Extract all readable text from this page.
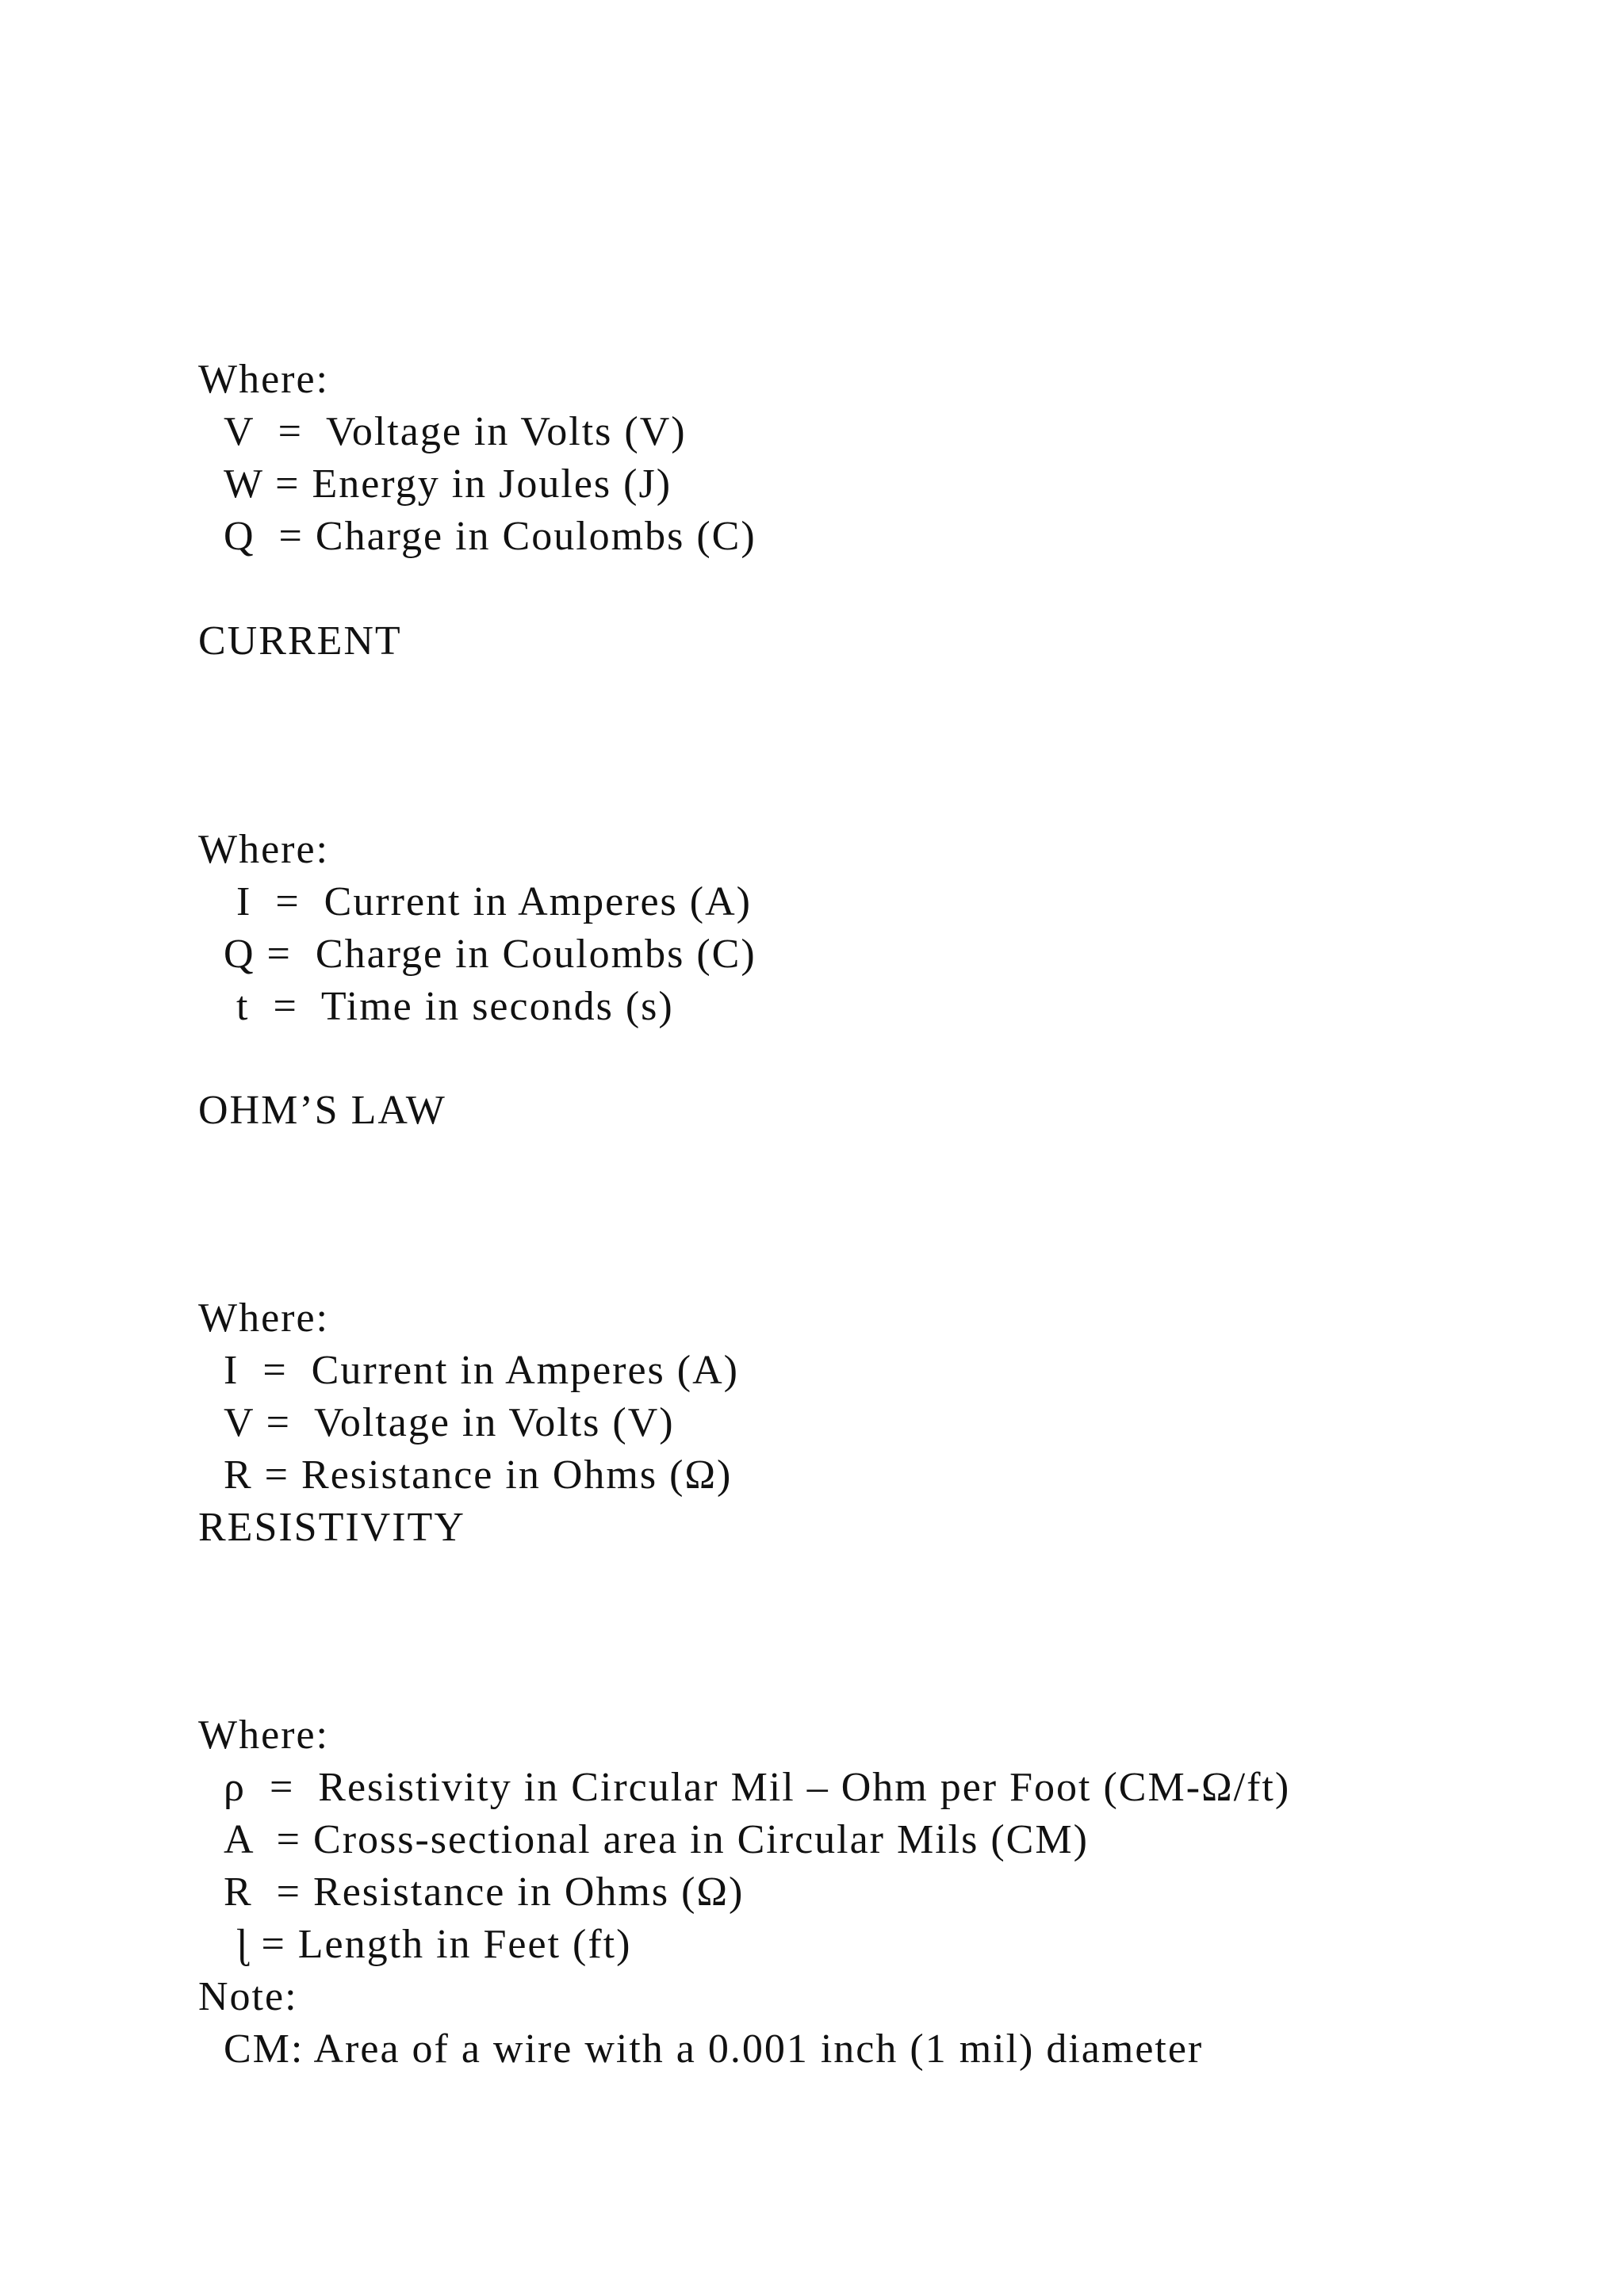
Where:
V  =  Voltage in Volts (V)
W = Energy in Joules (J)
Q  = Charge in Coulombs (C)
CURRENT
Where:
I  =  Current in Amperes (A)
Q =  Charge in Coulombs (C)
t  =  Time in seconds (s)
OHM’S LAW
Where:
I  =  Current in Amperes (A)
V =  Voltage in Volts (V)
R = Resistance in Ohms (Ω)
RESISTIVITY
Where:
ρ  =  Resistivity in Circular Mil – Ohm per Foot (CM-Ω/ft)
A  = Cross-sectional area in Circular Mils (CM)
R  = Resistance in Ohms (Ω)
ɭ = Length in Feet (ft)
Note:
CM: Area of a wire with a 0.001 inch (1 mil) diameter
